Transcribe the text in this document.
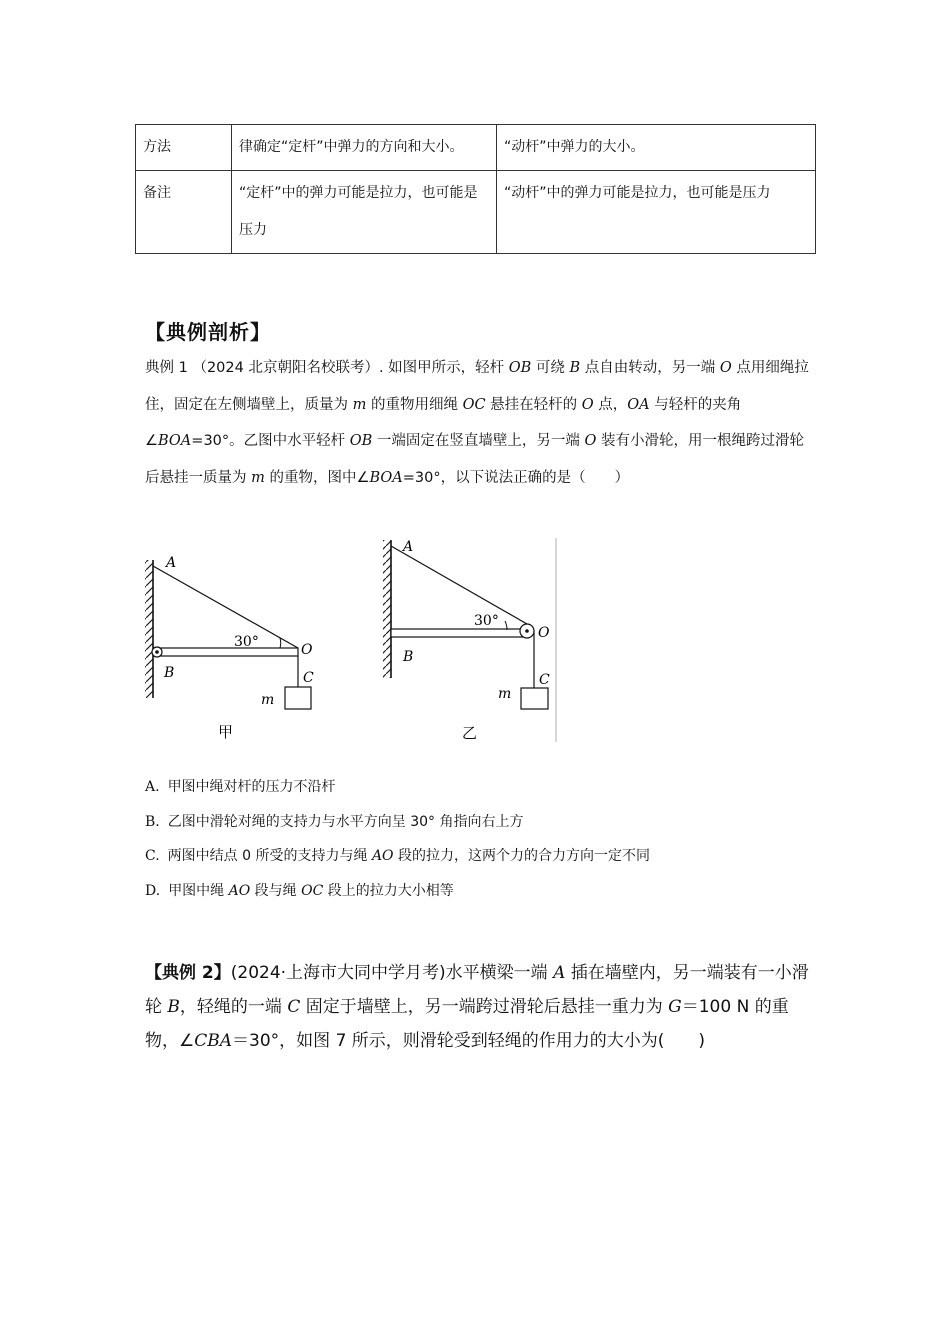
方法	律确定“定杆”中弹力的方向和大小。	“动杆”中弹力的大小。
备注	“定杆”中的弹力可能是拉力，也可能是压力	“动杆”中的弹力可能是拉力，也可能是压力
【典例剖析】
典例 1 （2024 北京朝阳名校联考）. 如图甲所示，轻杆 OB 可绕 B 点自由转动，另一端 O 点用细绳拉住，固定在左侧墙壁上，质量为 m 的重物用细绳 OC 悬挂在轻杆的 O 点，OA 与轻杆的夹角∠BOA=30°。乙图中水平轻杆 OB 一端固定在竖直墙壁上，另一端 O 装有小滑轮，用一根绳跨过滑轮后悬挂一质量为 m 的重物，图中∠BOA=30°，以下说法正确的是（　　）
A
30°	O
B	C
m
甲
A
30°
O
B
C
m
乙
A. 甲图中绳对杆的压力不沿杆
B. 乙图中滑轮对绳的支持力与水平方向呈 30° 角指向右上方
C. 两图中结点 0 所受的支持力与绳 AO 段的拉力，这两个力的合力方向一定不同
D. 甲图中绳 AO 段与绳 OC 段上的拉力大小相等
【典例 2】(2024·上海市大同中学月考)水平横梁一端 A 插在墙壁内，另一端装有一小滑轮 B，轻绳的一端 C 固定于墙壁上，另一端跨过滑轮后悬挂一重力为 G＝100 N 的重物，∠CBA＝30°，如图 7 所示，则滑轮受到轻绳的作用力的大小为(　　)
